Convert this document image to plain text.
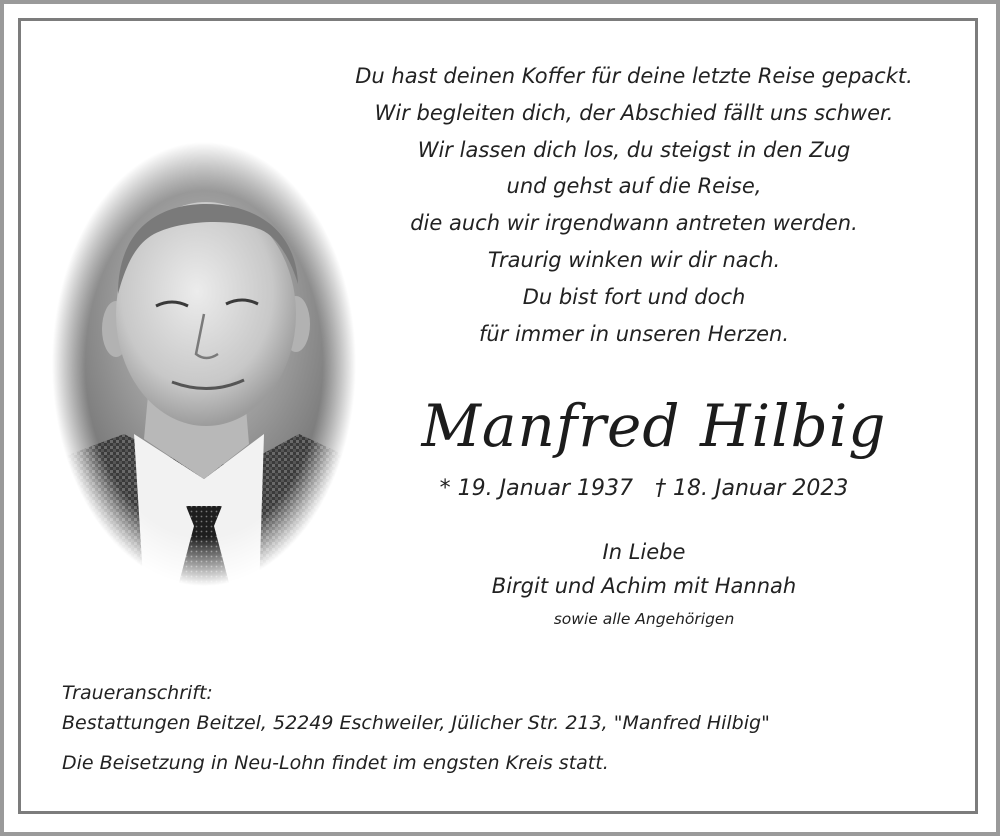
Du hast deinen Koffer für deine letzte Reise gepackt.
Wir begleiten dich, der Abschied fällt uns schwer.
Wir lassen dich los, du steigst in den Zug
und gehst auf die Reise,
die auch wir irgendwann antreten werden.
Traurig winken wir dir nach.
Du bist fort und doch
für immer in unseren Herzen.
Manfred Hilbig
* 19. Januar 1937 † 18. Januar 2023
In Liebe
Birgit und Achim mit Hannah
sowie alle Angehörigen
Traueranschrift:
Bestattungen Beitzel, 52249 Eschweiler, Jülicher Str. 213, "Manfred Hilbig"
Die Beisetzung in Neu-Lohn findet im engsten Kreis statt.
